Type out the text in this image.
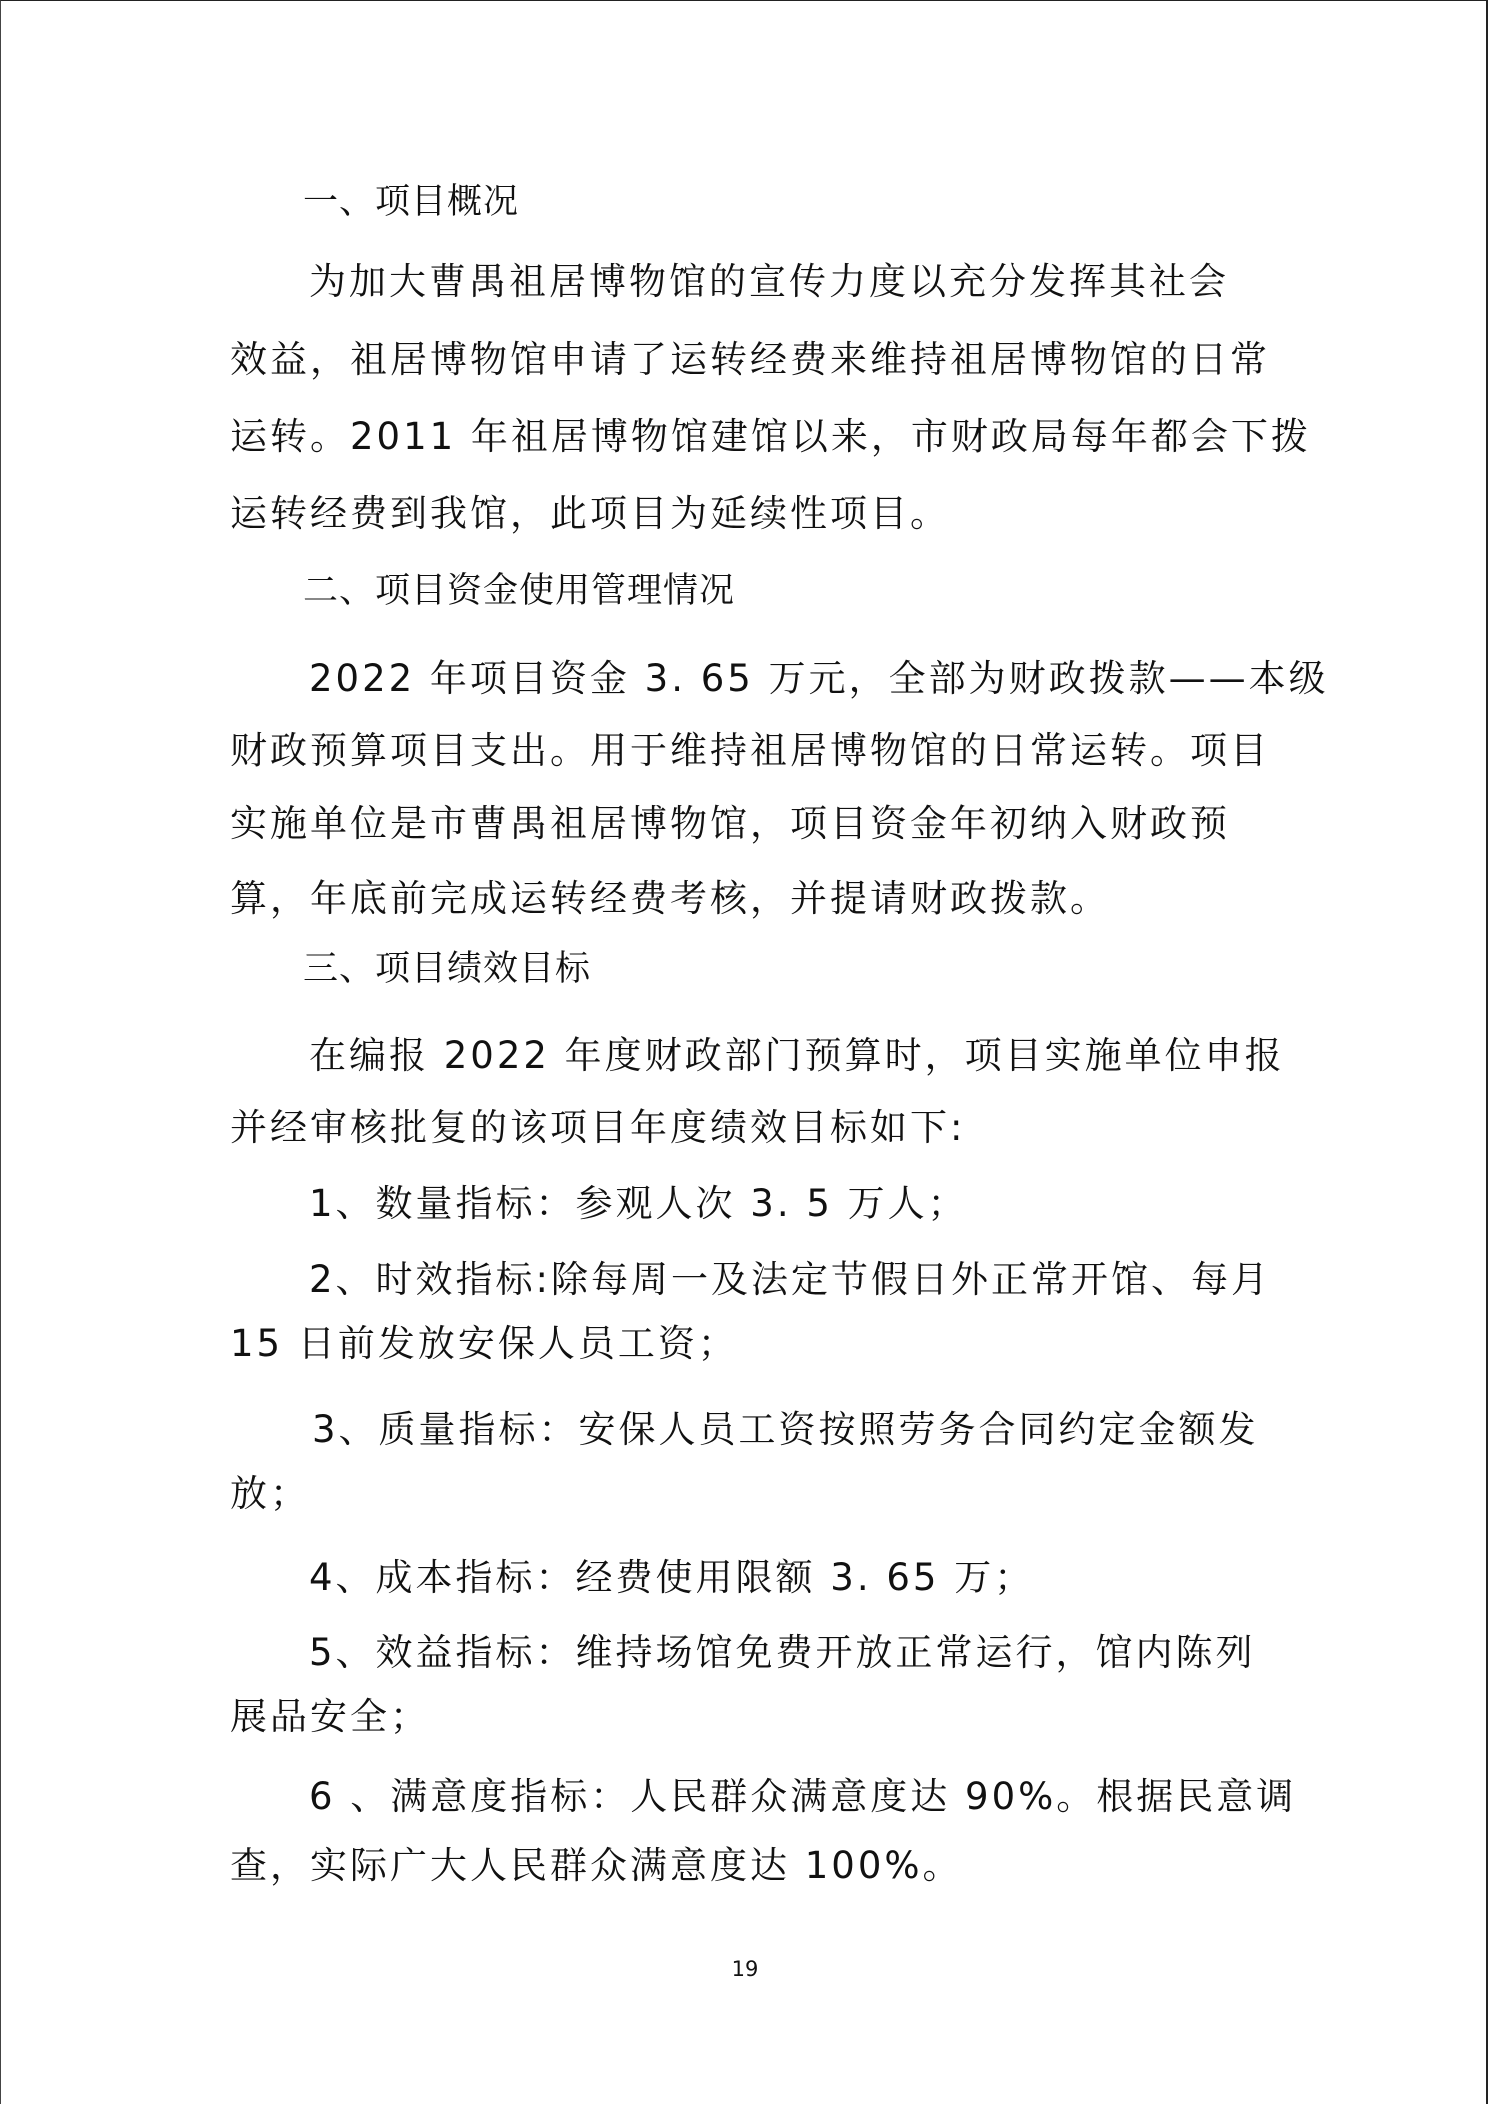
一、项目概况
为加大曹禺祖居博物馆的宣传力度以充分发挥其社会
效益，祖居博物馆申请了运转经费来维持祖居博物馆的日常
运转。2011 年祖居博物馆建馆以来，市财政局每年都会下拨
运转经费到我馆，此项目为延续性项目。
二、项目资金使用管理情况
2022 年项目资金 3. 65 万元，全部为财政拨款——本级
财政预算项目支出。用于维持祖居博物馆的日常运转。项目
实施单位是市曹禺祖居博物馆，项目资金年初纳入财政预
算，年底前完成运转经费考核，并提请财政拨款。
三、项目绩效目标
在编报 2022 年度财政部门预算时，项目实施单位申报
并经审核批复的该项目年度绩效目标如下:
1、数量指标：参观人次 3. 5 万人；
2、时效指标:除每周一及法定节假日外正常开馆、每月
15 日前发放安保人员工资；
3、质量指标：安保人员工资按照劳务合同约定金额发
放；
4、成本指标：经费使用限额 3. 65 万；
5、效益指标：维持场馆免费开放正常运行，馆内陈列
展品安全；
6 、满意度指标：人民群众满意度达 90%。根据民意调
查，实际广大人民群众满意度达 100%。
19
